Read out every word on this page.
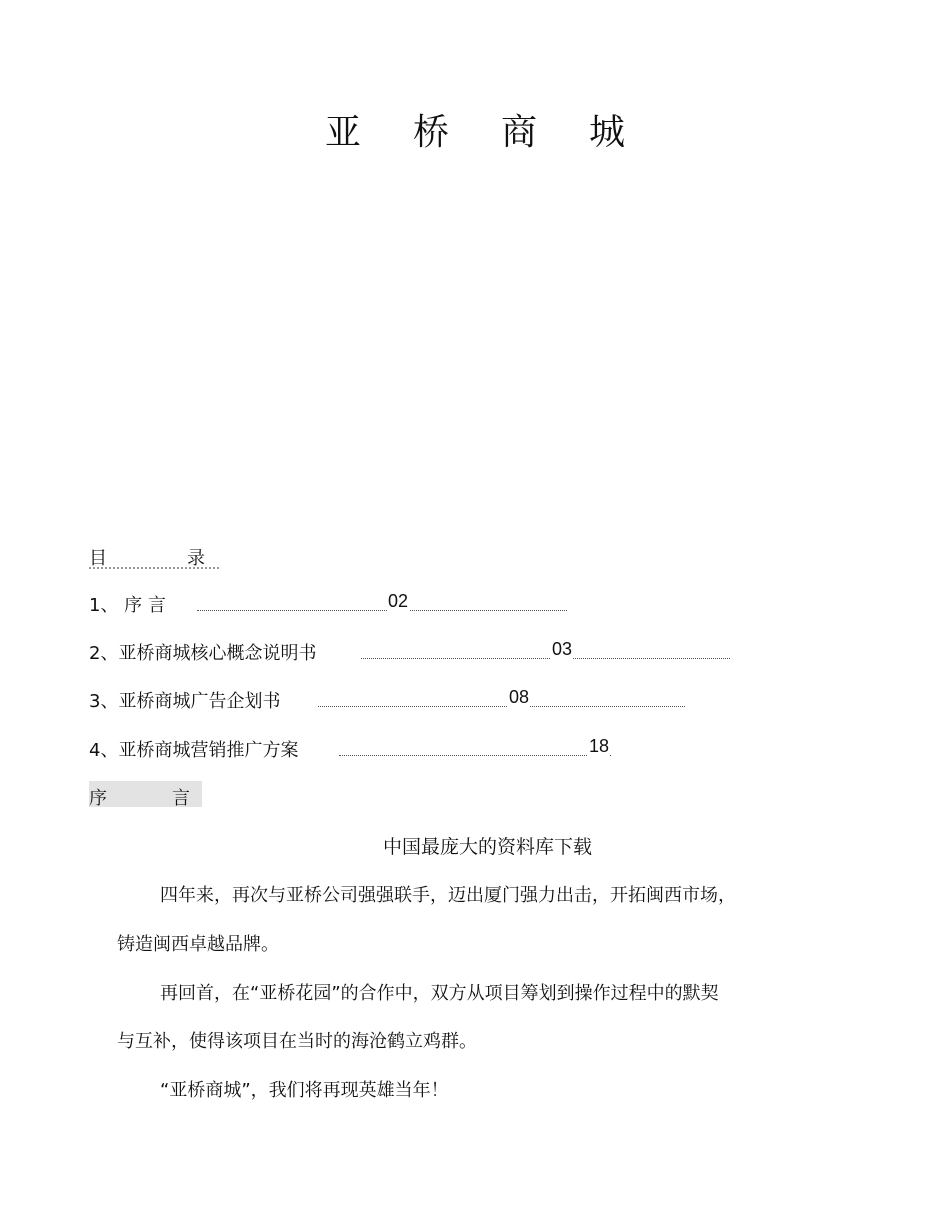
亚 桥 商 城
目	录
1、 序 言	02
2、亚桥商城核心概念说明书	03
3、亚桥商城广告企划书	08
4、亚桥商城营销推广方案	18
序	言
中国最庞大的资料库下载
四年来，再次与亚桥公司强强联手，迈出厦门强力出击，开拓闽西市场，
铸造闽西卓越品牌。
再回首，在“亚桥花园”的合作中，双方从项目筹划到操作过程中的默契
与互补，使得该项目在当时的海沧鹤立鸡群。
“亚桥商城”，我们将再现英雄当年！
